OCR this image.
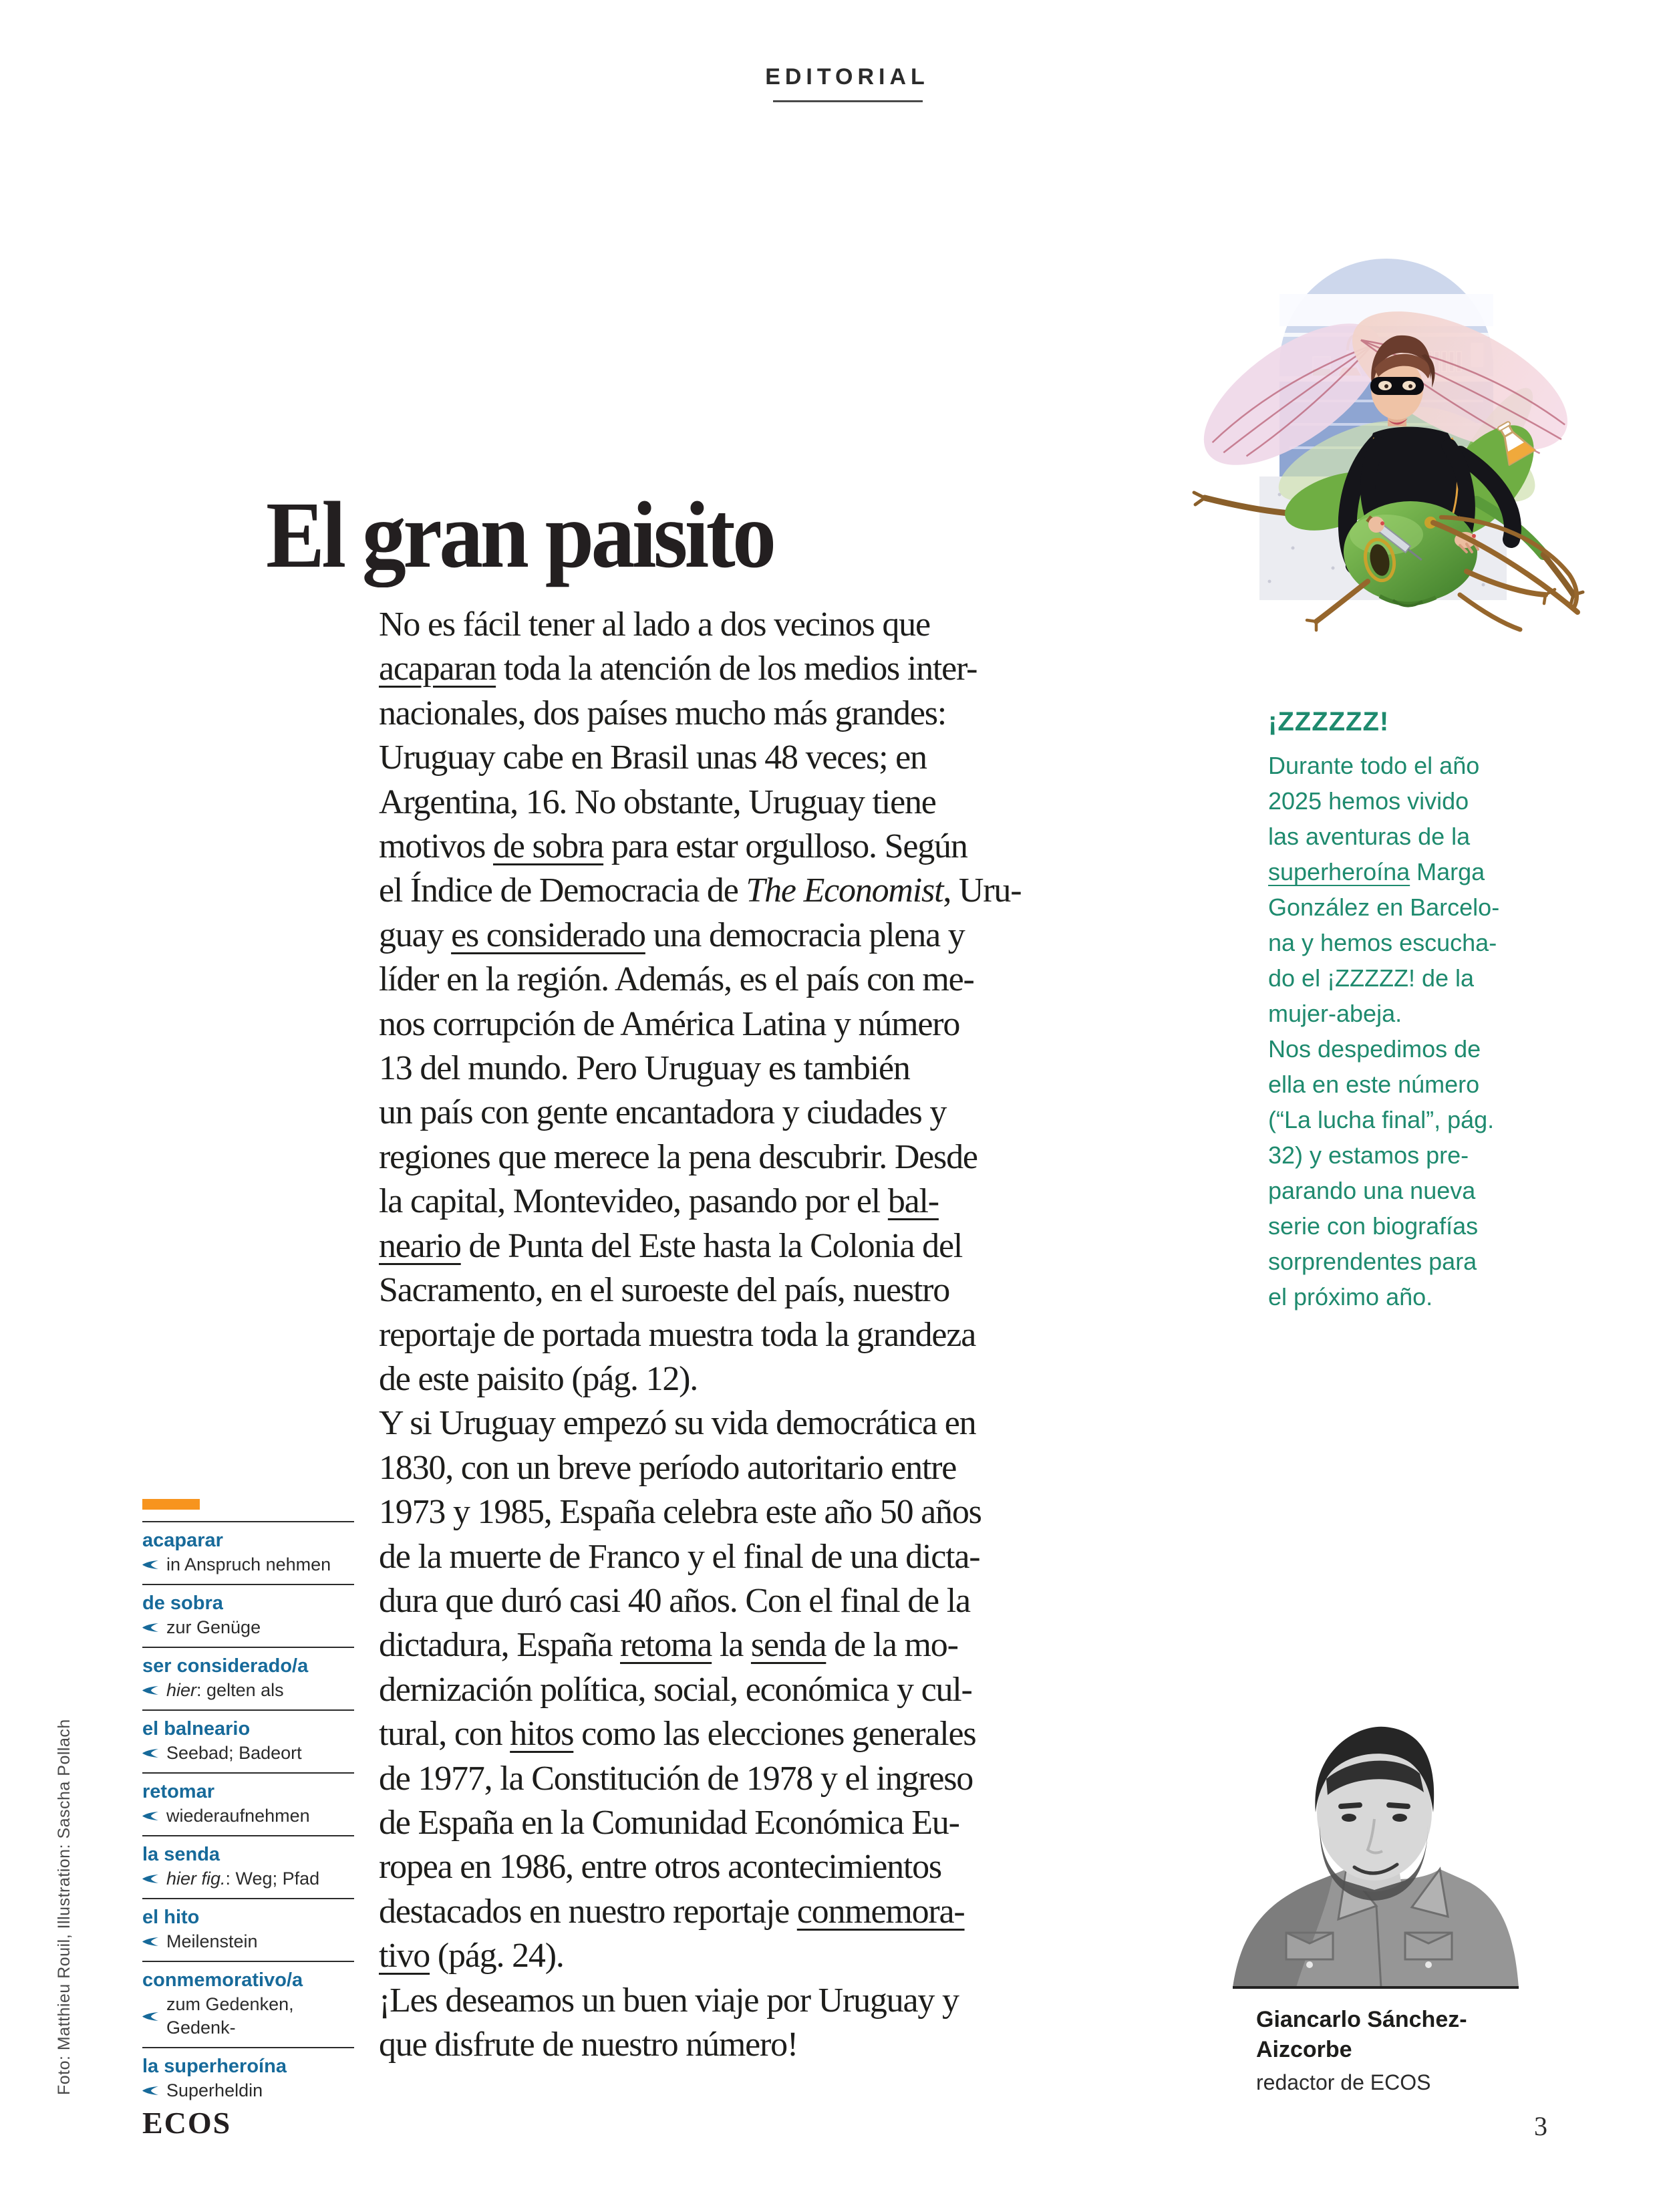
EDITORIAL
El gran paisito
No es fácil tener al lado a dos vecinos que
acaparan toda la atención de los medios inter-
nacionales, dos países mucho más grandes:
Uruguay cabe en Brasil unas 48 veces; en
Argentina, 16. No obstante, Uruguay tiene
motivos de sobra para estar orgulloso. Según
el Índice de Democracia de The Economist, Uru-
guay es considerado una democracia plena y
líder en la región. Además, es el país con me-
nos corrupción de América Latina y número
13 del mundo. Pero Uruguay es también
un país con gente encantadora y ciudades y
regiones que merece la pena descubrir. Desde
la capital, Montevideo, pasando por el bal-
neario de Punta del Este hasta la Colonia del
Sacramento, en el suroeste del país, nuestro
reportaje de portada muestra toda la grandeza
de este paisito (pág. 12).
Y si Uruguay empezó su vida democrática en
1830, con un breve período autoritario entre
1973 y 1985, España celebra este año 50 años
de la muerte de Franco y el final de una dicta-
dura que duró casi 40 años. Con el final de la
dictadura, España retoma la senda de la mo-
dernización política, social, económica y cul-
tural, con hitos como las elecciones generales
de 1977, la Constitución de 1978 y el ingreso
de España en la Comunidad Económica Eu-
ropea en 1986, entre otros acontecimientos
destacados en nuestro reportaje conmemora-
tivo (pág. 24).
¡Les deseamos un buen viaje por Uruguay y
que disfrute de nuestro número!
acaparar
in Anspruch nehmen
de sobra
zur Genüge
ser considerado/a
hier: gelten als
el balneario
Seebad; Badeort
retomar
wiederaufnehmen
la senda
hier fig.: Weg; Pfad
el hito
Meilenstein
conmemorativo/a
zum Gedenken, Gedenk-
la superheroína
Superheldin
Foto: Matthieu Rouil, Illustration: Sascha Pollach
¡ZZZZZZ!
Durante todo el año
2025 hemos vivido
las aventuras de la
superheroína Marga
González en Barcelo-
na y hemos escucha-
do el ¡ZZZZZ! de la
mujer-abeja.
Nos despedimos de
ella en este número
(“La lucha final”, pág.
32) y estamos pre-
parando una nueva
serie con biografías
sorprendentes para
el próximo año.
Giancarlo Sánchez-
Aizcorbe
redactor de ECOS
ECOS	3
